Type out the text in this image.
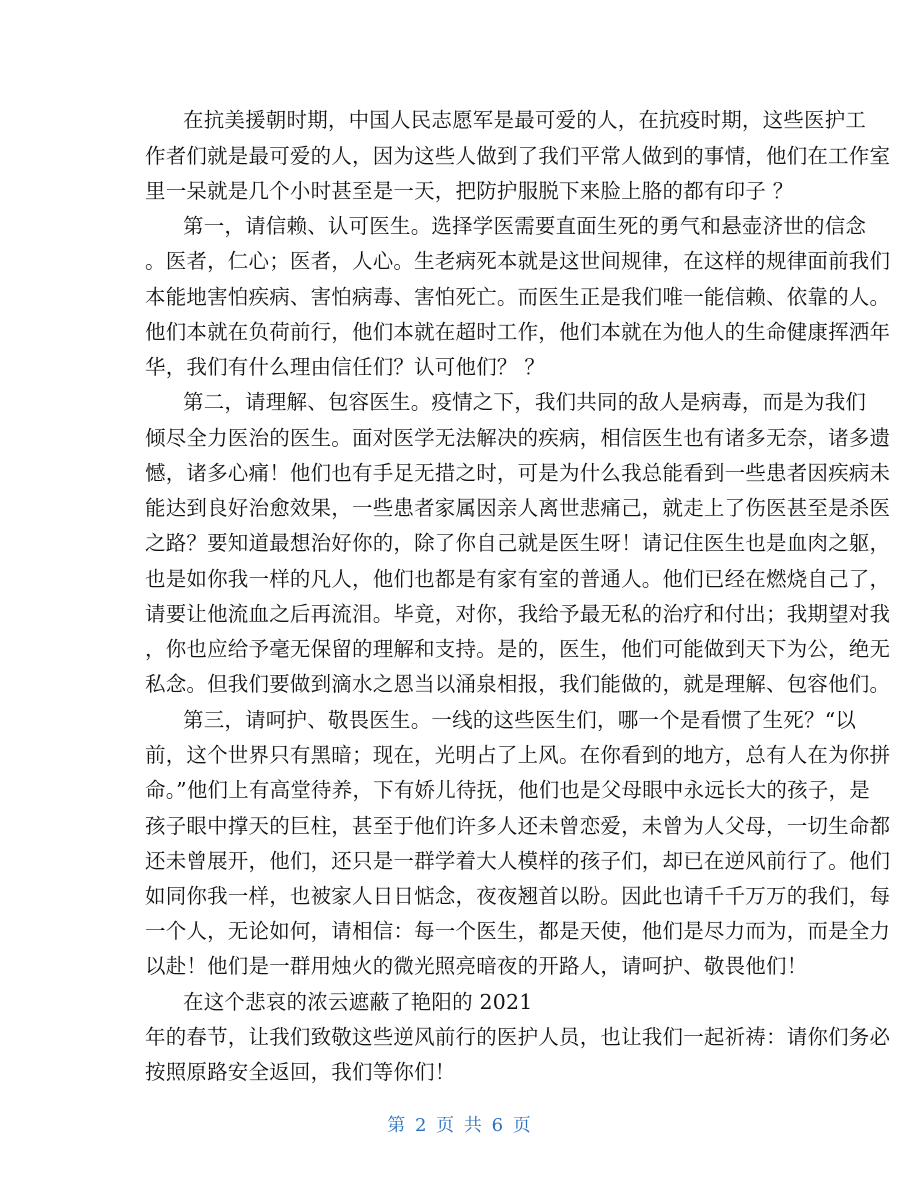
在抗美援朝时期，中国人民志愿军是最可爱的人，在抗疫时期，这些医护工
作者们就是最可爱的人，因为这些人做到了我们平常人做到的事情，他们在工作室
里一呆就是几个小时甚至是一天，把防护服脱下来脸上胳的都有印子 ？
第一，请信赖、认可医生。选择学医需要直面生死的勇气和悬壶济世的信念
。医者，仁心；医者，人心。生老病死本就是这世间规律，在这样的规律面前我们
本能地害怕疾病、害怕病毒、害怕死亡。而医生正是我们唯一能信赖、依靠的人。
他们本就在负荷前行，他们本就在超时工作，他们本就在为他人的生命健康挥洒年
华，我们有什么理由信任们？认可他们？ ？
第二，请理解、包容医生。疫情之下，我们共同的敌人是病毒，而是为我们
倾尽全力医治的医生。面对医学无法解决的疾病，相信医生也有诸多无奈，诸多遗
憾，诸多心痛！他们也有手足无措之时，可是为什么我总能看到一些患者因疾病未
能达到良好治愈效果，一些患者家属因亲人离世悲痛己，就走上了伤医甚至是杀医
之路？要知道最想治好你的，除了你自己就是医生呀！请记住医生也是血肉之躯，
也是如你我一样的凡人，他们也都是有家有室的普通人。他们已经在燃烧自己了，
请要让他流血之后再流泪。毕竟，对你，我给予最无私的治疗和付出；我期望对我
，你也应给予毫无保留的理解和支持。是的，医生，他们可能做到天下为公，绝无
私念。但我们要做到滴水之恩当以涌泉相报，我们能做的，就是理解、包容他们。
第三，请呵护、敬畏医生。一线的这些医生们，哪一个是看惯了生死？“以
前，这个世界只有黑暗；现在，光明占了上风。在你看到的地方，总有人在为你拼
命。”他们上有高堂待养，下有娇儿待抚，他们也是父母眼中永远长大的孩子，是
孩子眼中撑天的巨柱，甚至于他们许多人还未曾恋爱，未曾为人父母，一切生命都
还未曾展开，他们，还只是一群学着大人模样的孩子们，却已在逆风前行了。他们
如同你我一样，也被家人日日惦念，夜夜翘首以盼。因此也请千千万万的我们，每
一个人，无论如何，请相信：每一个医生，都是天使，他们是尽力而为，而是全力
以赴！他们是一群用烛火的微光照亮暗夜的开路人，请呵护、敬畏他们！
在这个悲哀的浓云遮蔽了艳阳的 2021
年的春节，让我们致敬这些逆风前行的医护人员，也让我们一起祈祷：请你们务必
按照原路安全返回，我们等你们！
第 2 页 共 6 页
